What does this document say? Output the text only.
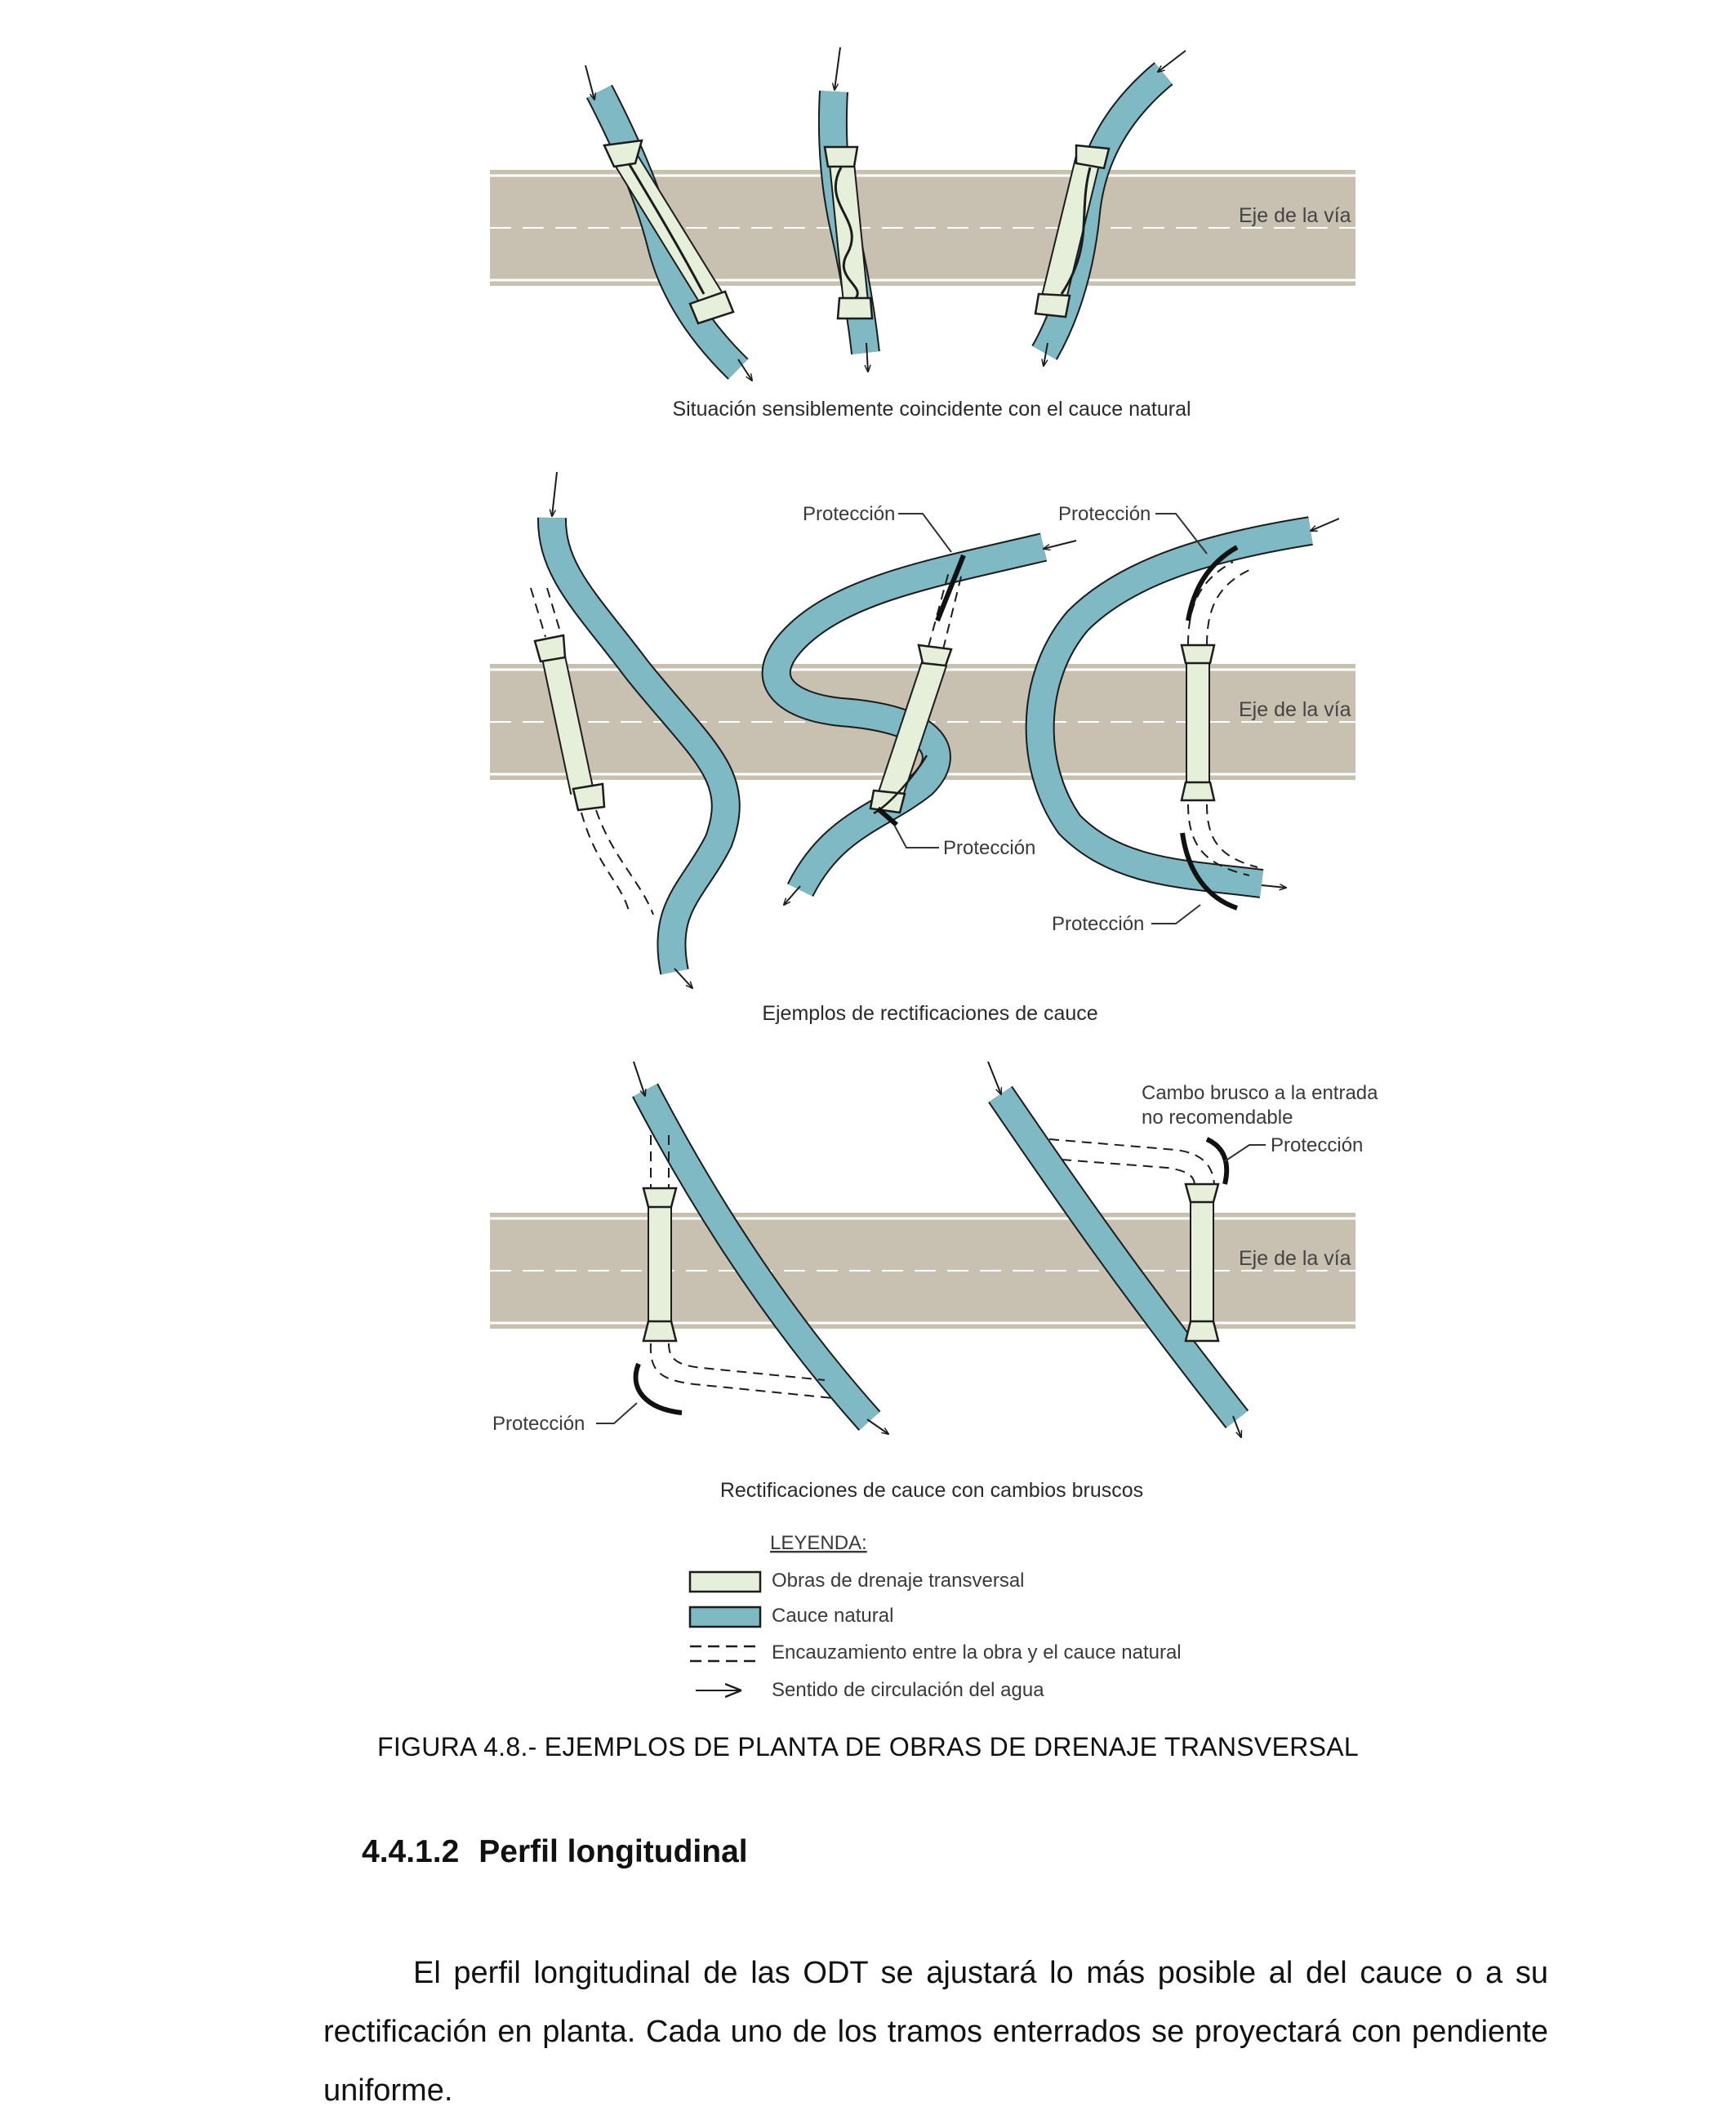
Eje de la vía
Situación sensiblemente coincidente con el cauce natural
Eje de la vía
Protección	Protección
Protección
Protección
Ejemplos de rectificaciones de cauce
Eje de la vía
Cambo brusco a la entrada
no recomendable
Protección
Protección
Rectificaciones de cauce con cambios bruscos
LEYENDA:
Obras de drenaje transversal
Cauce natural
Encauzamiento entre la obra y el cauce natural
Sentido de circulación del agua
FIGURA 4.8.- EJEMPLOS DE PLANTA DE OBRAS DE DRENAJE TRANSVERSAL
4.4.1.2 Perfil longitudinal

El perfil longitudinal de las ODT se ajustará lo más posible al del cauce o a su rectificación en planta. Cada uno de los tramos enterrados se proyectará con pendiente uniforme.
